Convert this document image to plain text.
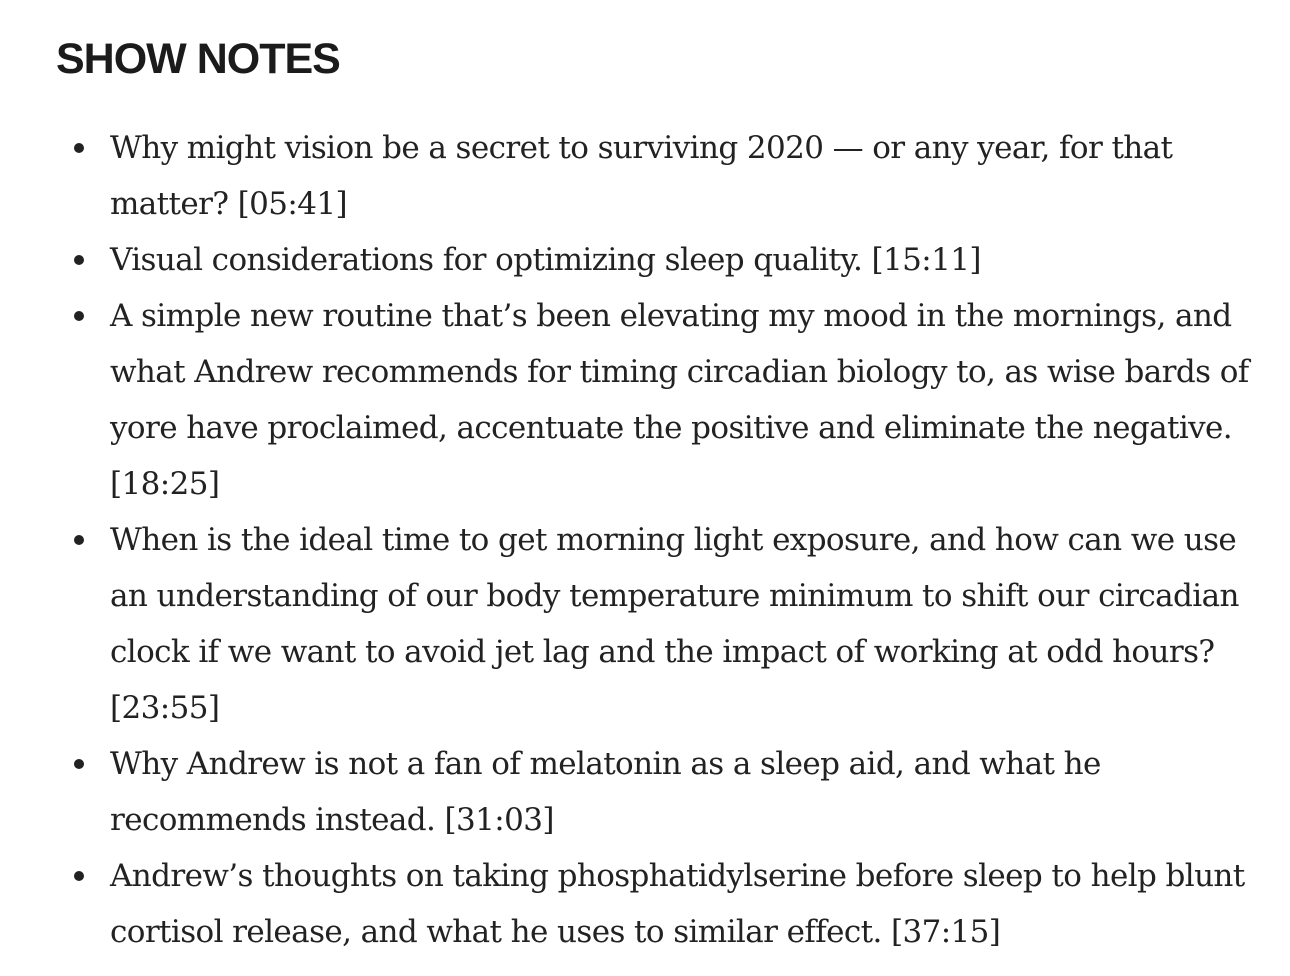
SHOW NOTES
Why might vision be a secret to surviving 2020 — or any year, for that matter? [05:41]
Visual considerations for optimizing sleep quality. [15:11]
A simple new routine that’s been elevating my mood in the mornings, and what Andrew recommends for timing circadian biology to, as wise bards of yore have proclaimed, accentuate the positive and eliminate the negative. [18:25]
When is the ideal time to get morning light exposure, and how can we use an understanding of our body temperature minimum to shift our circadian clock if we want to avoid jet lag and the impact of working at odd hours? [23:55]
Why Andrew is not a fan of melatonin as a sleep aid, and what he recommends instead. [31:03]
Andrew’s thoughts on taking phosphatidylserine before sleep to help blunt cortisol release, and what he uses to similar effect. [37:15]
